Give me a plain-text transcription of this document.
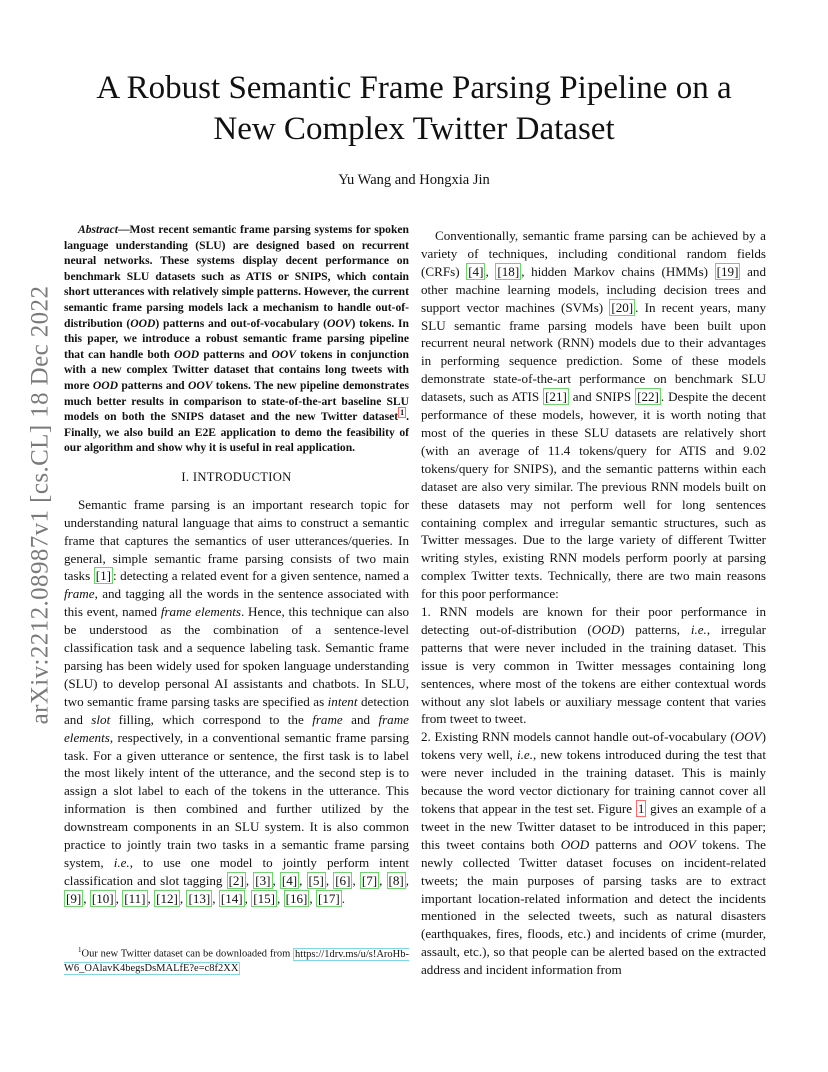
arXiv:2212.08987v1 [cs.CL] 18 Dec 2022
A Robust Semantic Frame Parsing Pipeline on a
New Complex Twitter Dataset
Yu Wang and Hongxia Jin

Abstract—Most recent semantic frame parsing systems for spoken language understanding (SLU) are designed based on recurrent neural networks. These systems display decent performance on benchmark SLU datasets such as ATIS or SNIPS, which contain short utterances with relatively simple patterns. However, the current semantic frame parsing models lack a mechanism to handle out-of-distribution (OOD) patterns and out-of-vocabulary (OOV) tokens. In this paper, we introduce a robust semantic frame parsing pipeline that can handle both OOD patterns and OOV tokens in conjunction with a new complex Twitter dataset that contains long tweets with more OOD patterns and OOV tokens. The new pipeline demonstrates much better results in comparison to state-of-the-art baseline SLU models on both the SNIPS dataset and the new Twitter dataset $^1$ . Finally, we also build an E2E application to demo the feasibility of our algorithm and show why it is useful in real application.

I. INTRODUCTION

Semantic frame parsing is an important research topic for understanding natural language that aims to construct a semantic frame that captures the semantics of user utterances/queries. In general, simple semantic frame parsing consists of two main tasks [1] : detecting a related event for a given sentence, named a frame, and tagging all the words in the sentence associated with this event, named frame elements. Hence, this technique can also be understood as the combination of a sentence-level classification task and a sequence labeling task. Semantic frame parsing has been widely used for spoken language understanding (SLU) to develop personal AI assistants and chatbots. In SLU, two semantic frame parsing tasks are specified as intent detection and slot filling, which correspond to the frame and frame elements, respectively, in a conventional semantic frame parsing task. For a given utterance or sentence, the first task is to label the most likely intent of the utterance, and the second step is to assign a slot label to each of the tokens in the utterance. This information is then combined and further utilized by the downstream components in an SLU system. It is also common practice to jointly train two tasks in a semantic frame parsing system, i.e., to use one model to jointly perform intent classification and slot tagging [2] , [3] , [4] , [5] , [6] , [7] , [8] , [9] , [10] , [11] , [12] , [13] , [14] , [15] , [16] , [17] .

$^1$Our new Twitter dataset can be downloaded from https://1drv.ms/u/s!AroHb-W6_OAlavK4begsDsMALfE?e=c8f2XX

Conventionally, semantic frame parsing can be achieved by a variety of techniques, including conditional random fields (CRFs) [4] , [18] , hidden Markov chains (HMMs) [19] and other machine learning models, including decision trees and support vector machines (SVMs) [20] . In recent years, many SLU semantic frame parsing models have been built upon recurrent neural network (RNN) models due to their advantages in performing sequence prediction. Some of these models demonstrate state-of-the-art performance on benchmark SLU datasets, such as ATIS [21] and SNIPS [22] . Despite the decent performance of these models, however, it is worth noting that most of the queries in these SLU datasets are relatively short (with an average of 11.4 tokens/query for ATIS and 9.02 tokens/query for SNIPS), and the semantic patterns within each dataset are also very similar. The previous RNN models built on these datasets may not perform well for long sentences containing complex and irregular semantic structures, such as Twitter messages. Due to the large variety of different Twitter writing styles, existing RNN models perform poorly at parsing complex Twitter texts. Technically, there are two main reasons for this poor performance:

1. RNN models are known for their poor performance in detecting out-of-distribution (OOD) patterns, i.e., irregular patterns that were never included in the training dataset. This issue is very common in Twitter messages containing long sentences, where most of the tokens are either contextual words without any slot labels or auxiliary message content that varies from tweet to tweet.

2. Existing RNN models cannot handle out-of-vocabulary (OOV) tokens very well, i.e., new tokens introduced during the test that were never included in the training dataset. This is mainly because the word vector dictionary for training cannot cover all tokens that appear in the test set. Figure 1 gives an example of a tweet in the new Twitter dataset to be introduced in this paper; this tweet contains both OOD patterns and OOV tokens. The newly collected Twitter dataset focuses on incident-related tweets; the main purposes of parsing tasks are to extract important location-related information and detect the incidents mentioned in the selected tweets, such as natural disasters (earthquakes, fires, floods, etc.) and incidents of crime (murder, assault, etc.), so that people can be alerted based on the extracted address and incident information from
